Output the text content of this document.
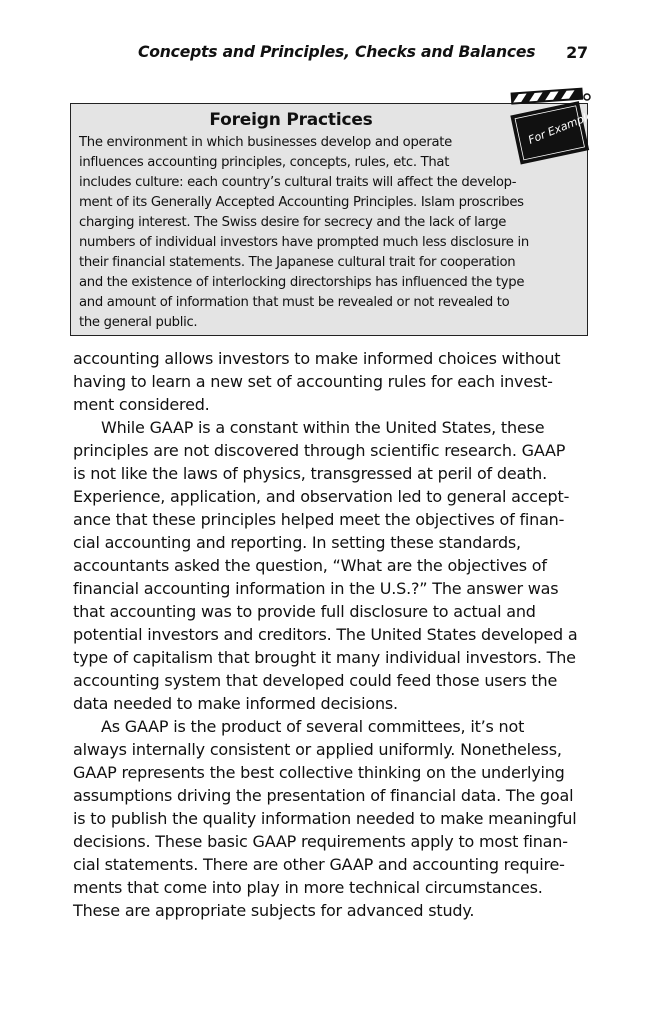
Concepts and Principles, Checks and Balances 27
Foreign Practices
The environment in which businesses develop and operate
influences accounting principles, concepts, rules, etc. That
includes culture: each country’s cultural traits will affect the develop-
ment of its Generally Accepted Accounting Principles. Islam proscribes
charging interest. The Swiss desire for secrecy and the lack of large
numbers of individual investors have prompted much less disclosure in
their financial statements. The Japanese cultural trait for cooperation
and the existence of interlocking directorships has influenced the type
and amount of information that must be revealed or not revealed to
the general public.
For Example
accounting allows investors to make informed choices without
having to learn a new set of accounting rules for each invest-
ment considered.
While GAAP is a constant within the United States, these
principles are not discovered through scientific research. GAAP
is not like the laws of physics, transgressed at peril of death.
Experience, application, and observation led to general accept-
ance that these principles helped meet the objectives of finan-
cial accounting and reporting. In setting these standards,
accountants asked the question, “What are the objectives of
financial accounting information in the U.S.?” The answer was
that accounting was to provide full disclosure to actual and
potential investors and creditors. The United States developed a
type of capitalism that brought it many individual investors. The
accounting system that developed could feed those users the
data needed to make informed decisions.
As GAAP is the product of several committees, it’s not
always internally consistent or applied uniformly. Nonetheless,
GAAP represents the best collective thinking on the underlying
assumptions driving the presentation of financial data. The goal
is to publish the quality information needed to make meaningful
decisions. These basic GAAP requirements apply to most finan-
cial statements. There are other GAAP and accounting require-
ments that come into play in more technical circumstances.
These are appropriate subjects for advanced study.
